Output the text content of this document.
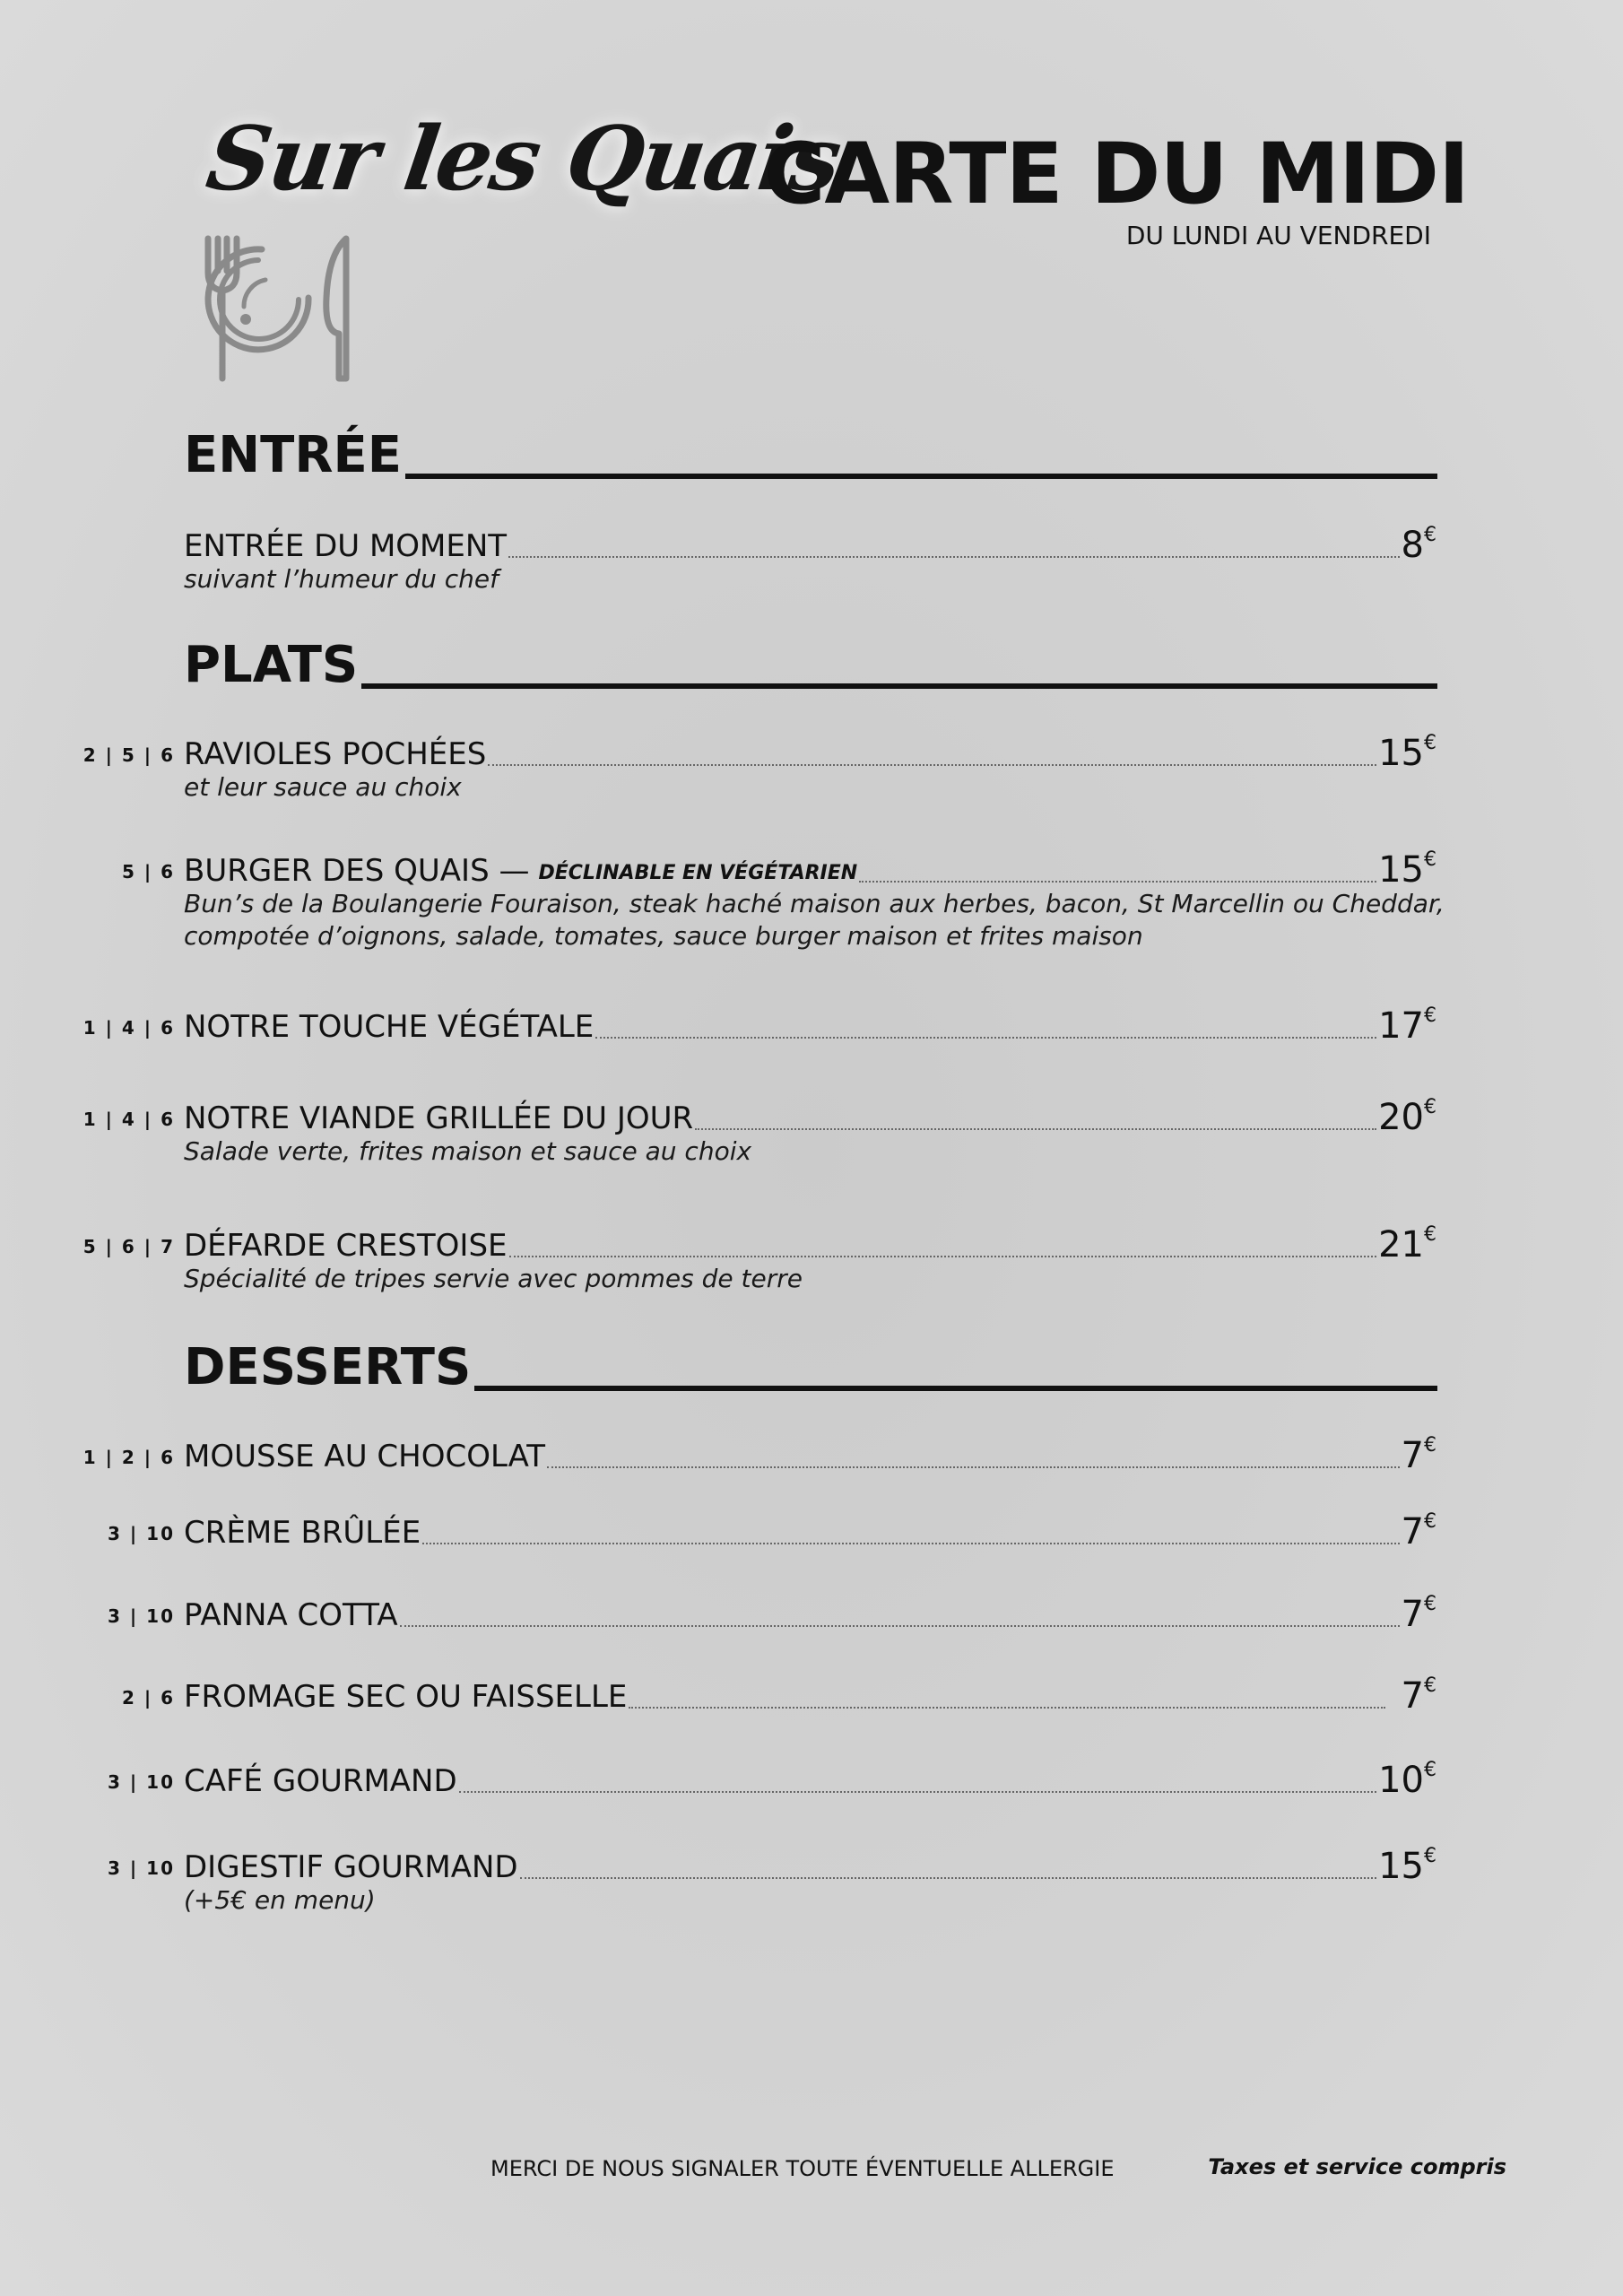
Sur les Quais
CARTE DU MIDI
DU LUNDI AU VENDREDI
ENTRÉE
ENTRÉE DU MOMENT	8€
suivant l’humeur du chef
PLATS
2 | 5 | 6 RAVIOLES POCHÉES	15€
et leur sauce au choix
5 | 6 BURGER DES QUAIS — DÉCLINABLE EN VÉGÉTARIEN	15€
Bun’s de la Boulangerie Fouraison, steak haché maison aux herbes, bacon, St Marcellin ou Cheddar,
compotée d’oignons, salade, tomates, sauce burger maison et frites maison
1 | 4 | 6 NOTRE TOUCHE VÉGÉTALE	17€
1 | 4 | 6 NOTRE VIANDE GRILLÉE DU JOUR	20€
Salade verte, frites maison et sauce au choix
5 | 6 | 7 DÉFARDE CRESTOISE	21€
Spécialité de tripes servie avec pommes de terre
DESSERTS
1 | 2 | 6 MOUSSE AU CHOCOLAT	7€
3 | 10 CRÈME BRÛLÉE	7€
3 | 10 PANNA COTTA	7€
2 | 6 FROMAGE SEC OU FAISSELLE	7€
3 | 10 CAFÉ GOURMAND	10€
3 | 10 DIGESTIF GOURMAND	15€
(+5€ en menu)
MERCI DE NOUS SIGNALER TOUTE ÉVENTUELLE ALLERGIE	Taxes et service compris
